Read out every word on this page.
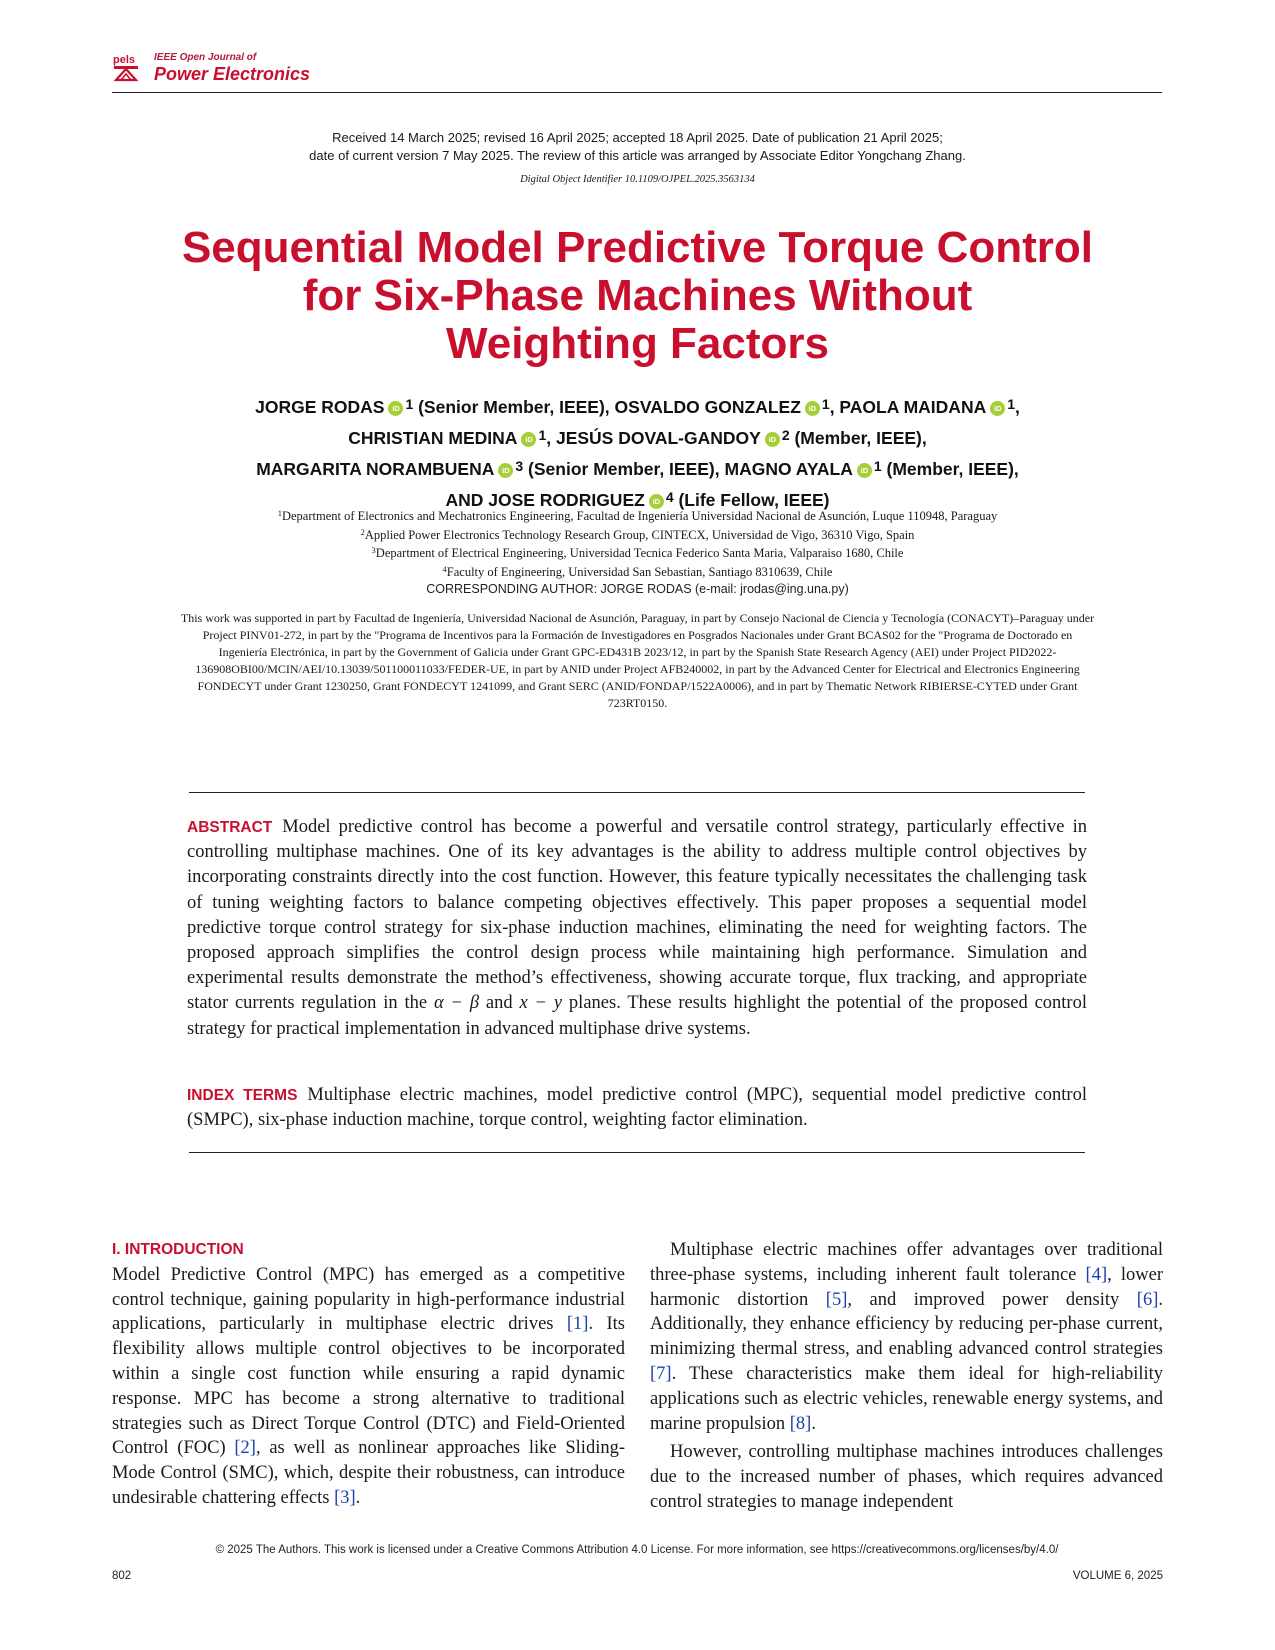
pels IEEE Open Journal of
Power Electronics
Received 14 March 2025; revised 16 April 2025; accepted 18 April 2025. Date of publication 21 April 2025;
date of current version 7 May 2025. The review of this article was arranged by Associate Editor Yongchang Zhang.
Digital Object Identifier 10.1109/OJPEL.2025.3563134
Sequential Model Predictive Torque Control
for Six-Phase Machines Without
Weighting Factors
JORGE RODAS iD $^1$ (Senior Member, IEEE), OSVALDO GONZALEZ iD $^1$, PAOLA MAIDANA iD $^1$,
CHRISTIAN MEDINA iD $^1$, JESÚS DOVAL-GANDOY iD $^2$ (Member, IEEE),
MARGARITA NORAMBUENA iD $^3$ (Senior Member, IEEE), MAGNO AYALA iD $^1$ (Member, IEEE),
AND JOSE RODRIGUEZ iD $^4$ (Life Fellow, IEEE)
$^1$Department of Electronics and Mechatronics Engineering, Facultad de Ingeniería Universidad Nacional de Asunción, Luque 110948, Paraguay
$^2$Applied Power Electronics Technology Research Group, CINTECX, Universidad de Vigo, 36310 Vigo, Spain
$^3$Department of Electrical Engineering, Universidad Tecnica Federico Santa Maria, Valparaiso 1680, Chile
$^4$Faculty of Engineering, Universidad San Sebastian, Santiago 8310639, Chile
CORRESPONDING AUTHOR: JORGE RODAS (e-mail: jrodas@ing.una.py)
This work was supported in part by Facultad de Ingeniería, Universidad Nacional de Asunción, Paraguay, in part by Consejo Nacional de Ciencia y Tecnología (CONACYT)–Paraguay under Project PINV01-272, in part by the "Programa de Incentivos para la Formación de Investigadores en Posgrados Nacionales under Grant BCAS02 for the "Programa de Doctorado en Ingeniería Electrónica, in part by the Government of Galicia under Grant GPC-ED431B 2023/12, in part by the Spanish State Research Agency (AEI) under Project PID2022-136908OBI00/MCIN/AEI/10.13039/501100011033/FEDER-UE, in part by ANID under Project AFB240002, in part by the Advanced Center for Electrical and Electronics Engineering FONDECYT under Grant 1230250, Grant FONDECYT 1241099, and Grant SERC (ANID/FONDAP/1522A0006), and in part by Thematic Network RIBIERSE-CYTED under Grant 723RT0150.
ABSTRACT Model predictive control has become a powerful and versatile control strategy, particularly effective in controlling multiphase machines. One of its key advantages is the ability to address multiple control objectives by incorporating constraints directly into the cost function. However, this feature typically necessitates the challenging task of tuning weighting factors to balance competing objectives effectively. This paper proposes a sequential model predictive torque control strategy for six-phase induction machines, eliminating the need for weighting factors. The proposed approach simplifies the control design process while maintaining high performance. Simulation and experimental results demonstrate the method’s effectiveness, showing accurate torque, flux tracking, and appropriate stator currents regulation in the α − β and x − y planes. These results highlight the potential of the proposed control strategy for practical implementation in advanced multiphase drive systems.
INDEX TERMS Multiphase electric machines, model predictive control (MPC), sequential model predictive control (SMPC), six-phase induction machine, torque control, weighting factor elimination.
I. INTRODUCTION

Model Predictive Control (MPC) has emerged as a competitive control technique, gaining popularity in high-performance industrial applications, particularly in multiphase electric drives [1]. Its flexibility allows multiple control objectives to be incorporated within a single cost function while ensuring a rapid dynamic response. MPC has become a strong alternative to traditional strategies such as Direct Torque Control (DTC) and Field-Oriented Control (FOC) [2], as well as nonlinear approaches like Sliding-Mode Control (SMC), which, despite their robustness, can introduce undesirable chattering effects [3].

Multiphase electric machines offer advantages over traditional three-phase systems, including inherent fault tolerance [4], lower harmonic distortion [5], and improved power density [6]. Additionally, they enhance efficiency by reducing per-phase current, minimizing thermal stress, and enabling advanced control strategies [7]. These characteristics make them ideal for high-reliability applications such as electric vehicles, renewable energy systems, and marine propulsion [8].

However, controlling multiphase machines introduces challenges due to the increased number of phases, which requires advanced control strategies to manage independent

© 2025 The Authors. This work is licensed under a Creative Commons Attribution 4.0 License. For more information, see https://creativecommons.org/licenses/by/4.0/
802	VOLUME 6, 2025
